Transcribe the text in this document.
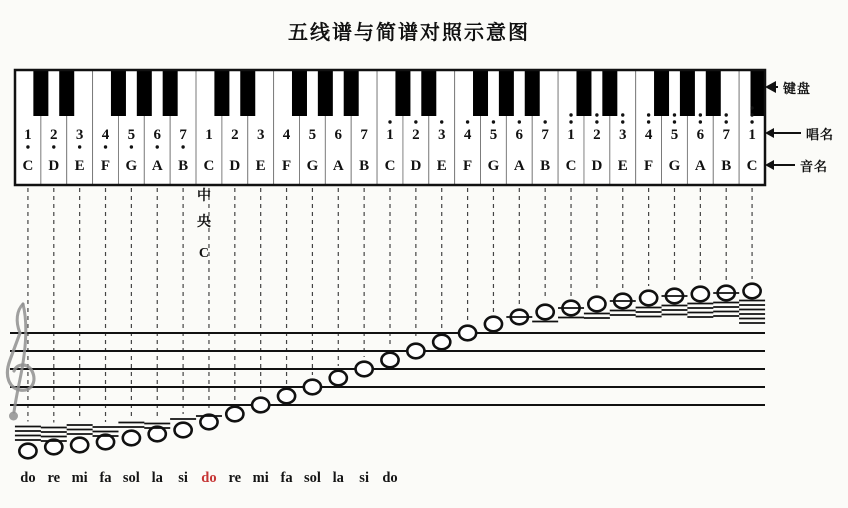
五线谱与简谱对照示意图
1
C
2
D
3
E
4
F
5
G
6
A
7
B
1
C
2
D
3
E
4
F
5
G
6
A
7
B
1
C
2
D
3
E
4
F
5
G
6
A
7
B
1
C
2
D
3
E
4
F
5
G
6
A
7
B
1
C
中
央
C
do re mi fa sol la si do re mi fa sol la si do
键盘
唱名
音名
